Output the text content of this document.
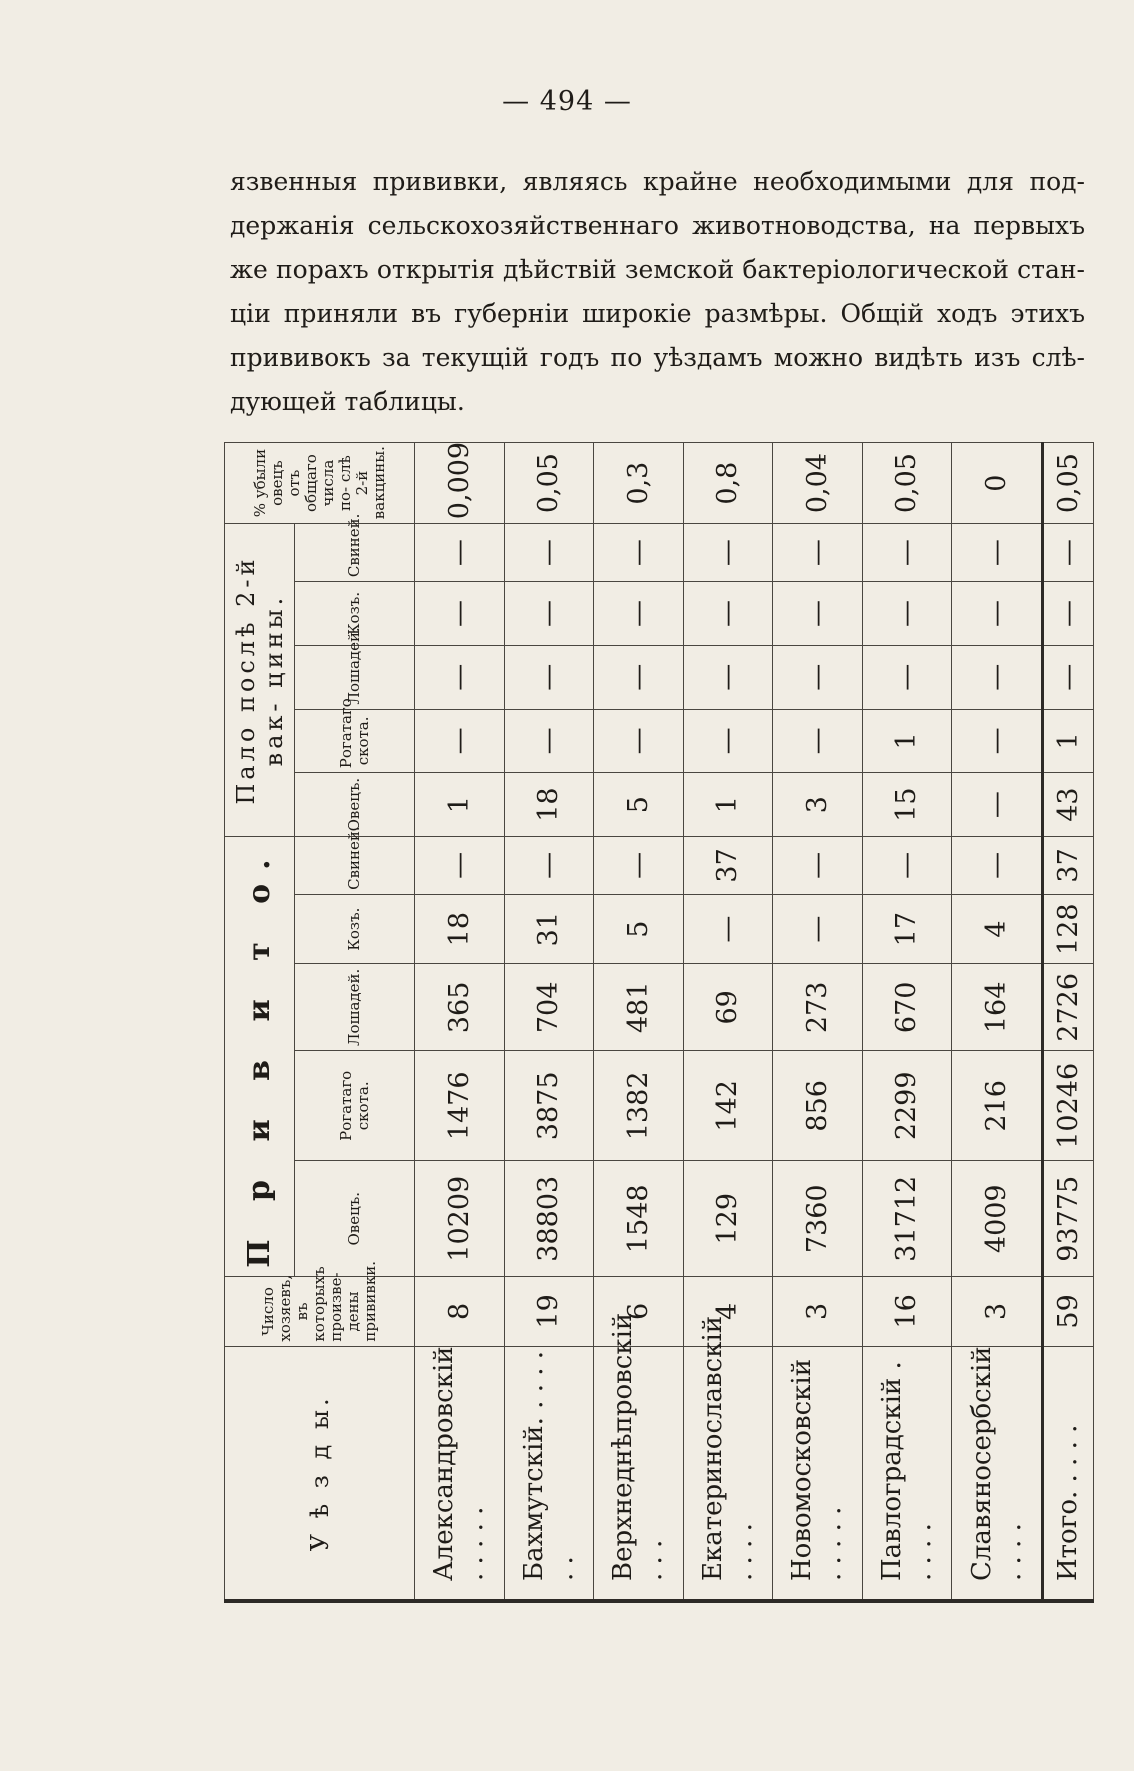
— 494 —
язвенныя прививки, являясь крайне необходимыми для под-
держанія сельскохозяйственнаго животноводства, на первыхъ
же порахъ открытія дѣйствій земской бактеріологической стан-
ціи приняли въ губерніи широкіе размѣры. Общій ходъ этихъ
прививокъ за текущій годъ по уѣздамъ можно видѣть изъ слѣ-
дующей таблицы.
У ѣ з д ы.	Число хозяевъ, въ которыхъ произве- дены прививки.	П р и в и т о.					Пало послѣ 2-й вак- цины.					% убыли овецъ отъ общаго числа по- слѣ 2-й вакцины.
		Овецъ.	Рогатаго скота.	Лошадей.	Козъ.	Свиней.	Овецъ.	Рогатаго скота.	Лошадей.	Козъ.	Свиней.	
Александровскій . . . . .	8	10209	1476	365	18	—	1	—	—	—	—	0,009
Бахмутскій. . . . . . .	19	38803	3875	704	31	—	18	—	—	—	—	0,05
Верхнеднѣпровскій . . .	6	1548	1382	481	5	—	5	—	—	—	—	0,3
Екатеринославскій . . . .	4	129	142	69	—	37	1	—	—	—	—	0,8
Новомосковскій . . . . .	3	7360	856	273	—	—	3	—	—	—	—	0,04
Павлоградскій . . . . .	16	31712	2299	670	17	—	15	1	—	—	—	0,05
Славяносербскій . . . .	3	4009	216	164	4	—	—	—	—	—	—	0
Итого. . . . .	59	93775	10246	2726	128	37	43	1	—	—	—	0,05
